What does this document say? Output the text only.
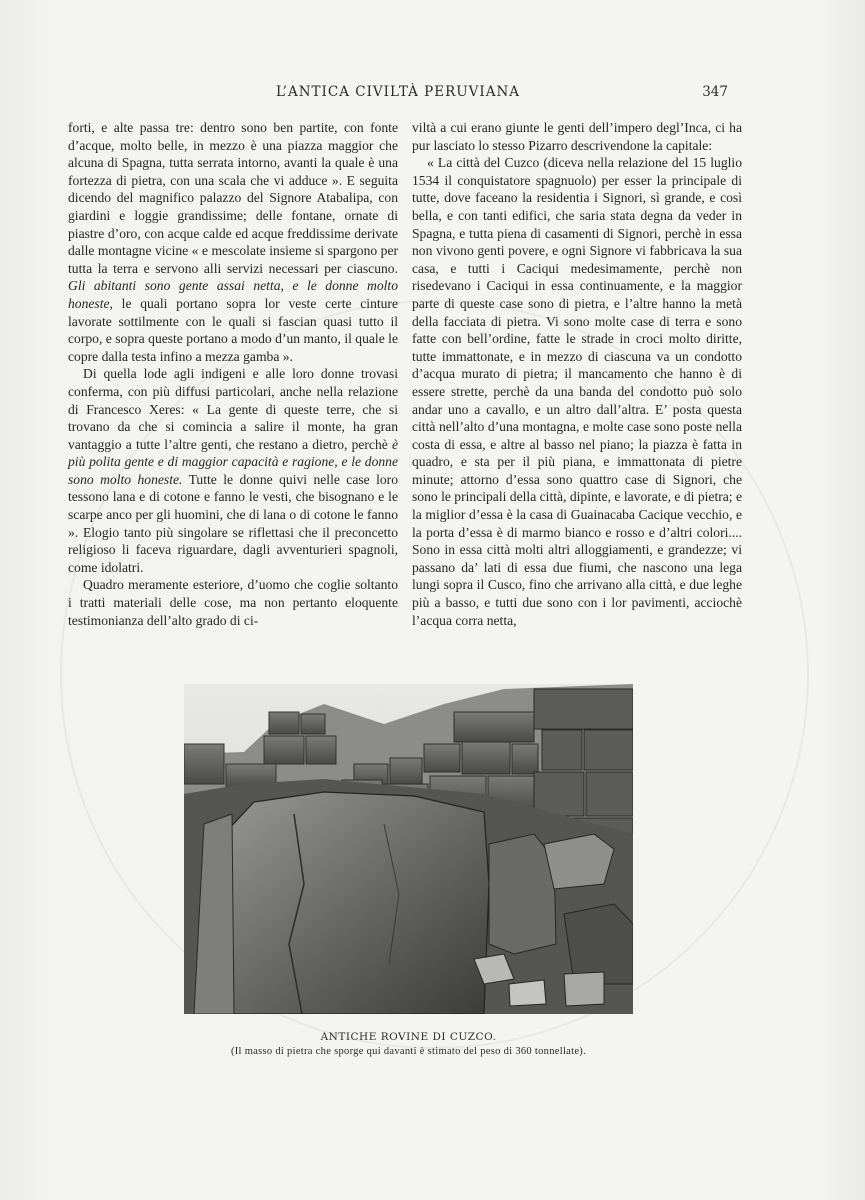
L’ANTICA CIVILTÀ PERUVIANA	347

forti, e alte passa tre: dentro sono ben partite, con fonte d’acque, molto belle, in mezzo è una piazza maggior che alcuna di Spagna, tutta serrata intorno, avanti la quale è una fortezza di pietra, con una scala che vi adduce ». E seguita dicendo del magnifico palazzo del Signore Atabalipa, con giardini e loggie grandissime; delle fontane, ornate di piastre d’oro, con acque calde ed acque freddissime derivate dalle montagne vicine « e mescolate insieme si spargono per tutta la terra e servono alli servizi necessari per ciascuno. Gli abitanti sono gente assai netta, e le donne molto honeste, le quali portano sopra lor veste certe cinture lavorate sottilmente con le quali si fascian quasi tutto il corpo, e sopra queste portano a modo d’un manto, il quale le copre dalla testa infino a mezza gamba ».

Di quella lode agli indigeni e alle loro donne trovasi conferma, con più diffusi particolari, anche nella relazione di Francesco Xeres: « La gente di queste terre, che si trovano da che si comincia a salire il monte, ha gran vantaggio a tutte l’altre genti, che restano a dietro, perchè è più polita gente e di maggior capacità e ragione, e le donne sono molto honeste. Tutte le donne quivi nelle case loro tessono lana e di cotone e fanno le vesti, che bisognano e le scarpe anco per gli huomini, che di lana o di cotone le fanno ». Elogio tanto più singolare se riflettasi che il preconcetto religioso li faceva riguardare, dagli avventurieri spagnoli, come idolatri.

Quadro meramente esteriore, d’uomo che coglie soltanto i tratti materiali delle cose, ma non pertanto eloquente testimonianza dell’alto grado di ci-

viltà a cui erano giunte le genti dell’impero degl’Inca, ci ha pur lasciato lo stesso Pizarro descrivendone la capitale:

« La città del Cuzco (diceva nella relazione del 15 luglio 1534 il conquistatore spagnuolo) per esser la principale di tutte, dove faceano la residentia i Signori, sì grande, e così bella, e con tanti edifici, che saria stata degna da veder in Spagna, e tutta piena di casamenti di Signori, perchè in essa non vivono genti povere, e ogni Signore vi fabbricava la sua casa, e tutti i Caciqui medesimamente, perchè non risedevano i Caciqui in essa continuamente, e la maggior parte di queste case sono di pietra, e l’altre hanno la metà della facciata di pietra. Vi sono molte case di terra e sono fatte con bell’ordine, fatte le strade in croci molto diritte, tutte immattonate, e in mezzo di ciascuna va un condotto d’acqua murato di pietra; il mancamento che hanno è di essere strette, perchè da una banda del condotto può solo andar uno a cavallo, e un altro dall’altra. E’ posta questa città nell’alto d’una montagna, e molte case sono poste nella costa di essa, e altre al basso nel piano; la piazza è fatta in quadro, e sta per il più piana, e immattonata di pietre minute; attorno d’essa sono quattro case di Signori, che sono le principali della città, dipinte, e lavorate, e di pietra; e la miglior d’essa è la casa di Guainacaba Cacique vecchio, e la porta d’essa è di marmo bianco e rosso e d’altri colori.... Sono in essa città molti altri alloggiamenti, e grandezze; vi passano da’ lati di essa due fiumi, che nascono una lega lungi sopra il Cusco, fino che arrivano alla città, e due leghe più a basso, e tutti due sono con i lor pavimenti, acciochè l’acqua corra netta,

ANTICHE ROVINE DI CUZCO.
(Il masso di pietra che sporge qui davanti è stimato del peso di 360 tonnellate).
